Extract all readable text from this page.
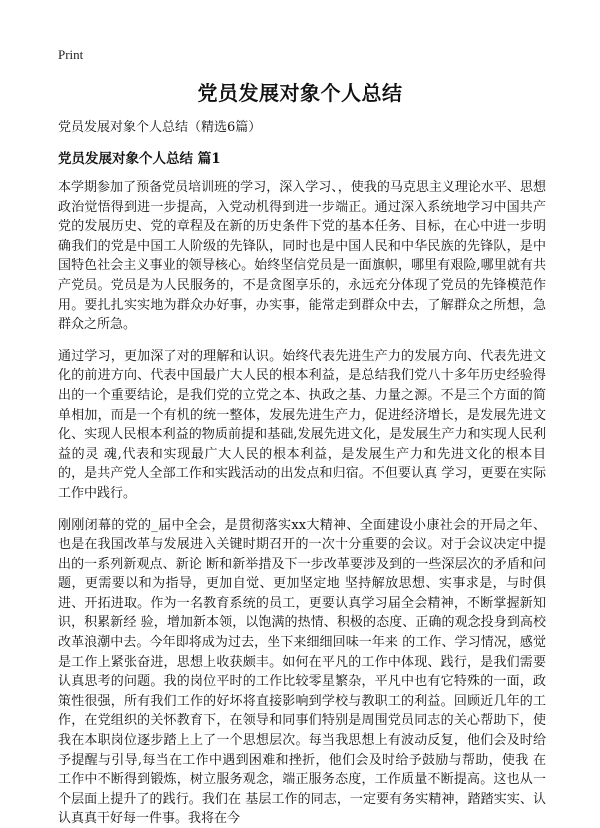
Print
党员发展对象个人总结
党员发展对象个人总结（精选6篇）
党员发展对象个人总结 篇1

本学期参加了预备党员培训班的学习，深入学习、，使我的马克思主义理论水平、思想政治觉悟得到进一步提高，入党动机得到进一步端正。通过深入系统地学习中国共产党的发展历史、党的章程及在新的历史条件下党的基本任务、目标，在心中进一步明确我们的党是中国工人阶级的先锋队，同时也是中国人民和中华民族的先锋队，是中国特色社会主义事业的领导核心。始终坚信党员是一面旗帜，哪里有艰险,哪里就有共产党员。党员是为人民服务的，不是贪图享乐的，永远充分体现了党员的先锋模范作用。要扎扎实实地为群众办好事，办实事，能常走到群众中去，了解群众之所想，急群众之所急。

通过学习，更加深了对的理解和认识。始终代表先进生产力的发展方向、代表先进文化的前进方向、代表中国最广大人民的根本利益，是总结我们党八十多年历史经验得出的一个重要结论，是我们党的立党之本、执政之基、力量之源。不是三个方面的简单相加，而是一个有机的统一整体，发展先进生产力，促进经济增长，是发展先进文化、实现人民根本利益的物质前提和基础,发展先进文化，是发展生产力和实现人民利益的灵 魂,代表和实现最广大人民的根本利益，是发展生产力和先进文化的根本目的，是共产党人全部工作和实践活动的出发点和归宿。不但要认真 学习，更要在实际工作中践行。

刚刚闭幕的党的_届中全会，是贯彻落实xx大精神、全面建设小康社会的开局之年、也是在我国改革与发展进入关键时期召开的一次十分重要的会议。对于会议决定中提出的一系列新观点、新论 断和新举措及下一步改革要涉及到的一些深层次的矛盾和问题，更需要以和为指导，更加自觉、更加坚定地 坚持解放思想、实事求是，与时俱进、开拓进取。作为一名教育系统的员工，更要认真学习届全会精神，不断掌握新知识，积累新经 验，增加新本领，以饱满的热情、积极的态度、正确的观念投身到高校改革浪潮中去。今年即将成为过去，坐下来细细回味一年来 的工作、学习情况，感觉是工作上紧张奋进，思想上收获颇丰。如何在平凡的工作中体现、践行，是我们需要认真思考的问题。我的岗位平时的工作比较零星繁杂，平凡中也有它特殊的一面，政策性很强，所有我们工作的好坏将直接影响到学校与教职工的利益。回顾近几年的工作，在党组织的关怀教育下，在领导和同事们特别是周围党员同志的关心帮助下，使我在本职岗位逐步踏上上了一个思想层次。每当我思想上有波动反复，他们会及时给予提醒与引导,每当在工作中遇到困难和挫折，他们会及时给予鼓励与帮助，使我 在工作中不断得到锻炼，树立服务观念，端正服务态度，工作质量不断提高。这也从一个层面上提升了的践行。我们在 基层工作的同志，一定要有务实精神，踏踏实实、认认真真干好每一件事。我将在今
